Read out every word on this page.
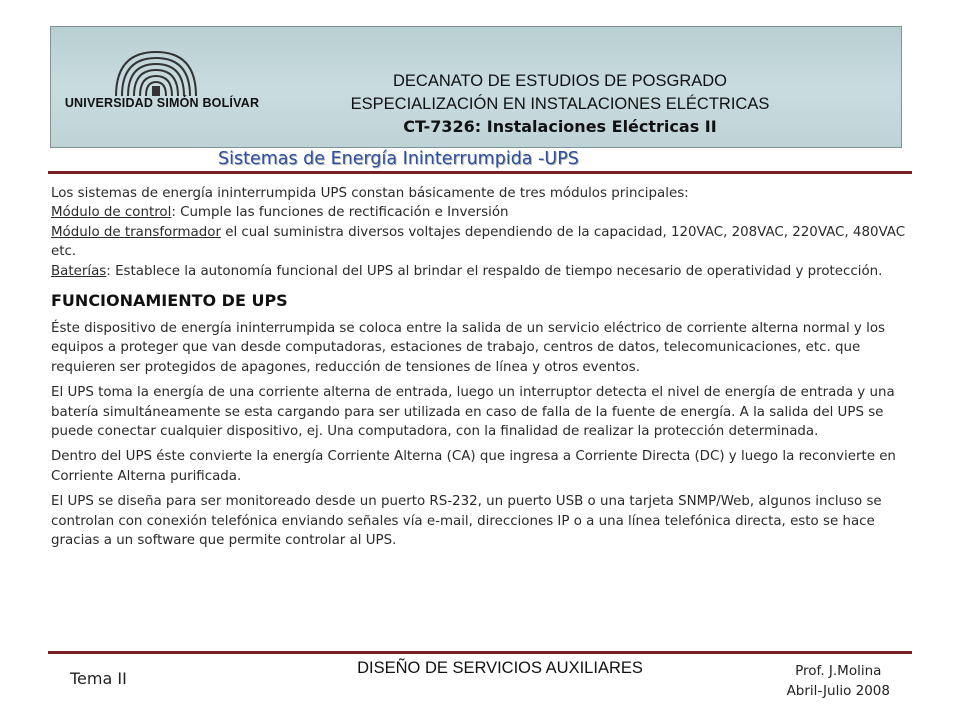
UNIVERSIDAD SIMÓN BOLÍVAR
DECANATO DE ESTUDIOS DE POSGRADO
ESPECIALIZACIÓN EN INSTALACIONES ELÉCTRICAS
CT-7326: Instalaciones Eléctricas II
Sistemas de Energía Ininterrumpida -UPS

Los sistemas de energía ininterrumpida UPS constan básicamente de tres módulos principales:

Módulo de control: Cumple las funciones de rectificación e Inversión

Módulo de transformador el cual suministra diversos voltajes dependiendo de la capacidad, 120VAC, 208VAC, 220VAC, 480VAC etc.

Baterías: Establece la autonomía funcional del UPS al brindar el respaldo de tiempo necesario de operatividad y protección.

FUNCIONAMIENTO DE UPS

Éste dispositivo de energía ininterrumpida se coloca entre la salida de un servicio eléctrico de corriente alterna normal y los equipos a proteger que van desde computadoras, estaciones de trabajo, centros de datos, telecomunicaciones, etc. que requieren ser protegidos de apagones, reducción de tensiones de línea y otros eventos.

El UPS toma la energía de una corriente alterna de entrada, luego un interruptor detecta el nivel de energía de entrada y una batería simultáneamente se esta cargando para ser utilizada en caso de falla de la fuente de energía. A la salida del UPS se puede conectar cualquier dispositivo, ej. Una computadora, con la finalidad de realizar la protección determinada.

Dentro del UPS éste convierte la energía Corriente Alterna (CA) que ingresa a Corriente Directa (DC) y luego la reconvierte en Corriente Alterna purificada.

El UPS se diseña para ser monitoreado desde un puerto RS-232, un puerto USB o una tarjeta SNMP/Web, algunos incluso se controlan con conexión telefónica enviando señales vía e-mail, direcciones IP o a una línea telefónica directa, esto se hace gracias a un software que permite controlar al UPS.

Tema II
DISEÑO DE SERVICIOS AUXILIARES	Prof. J.Molina
Abril-Julio 2008
